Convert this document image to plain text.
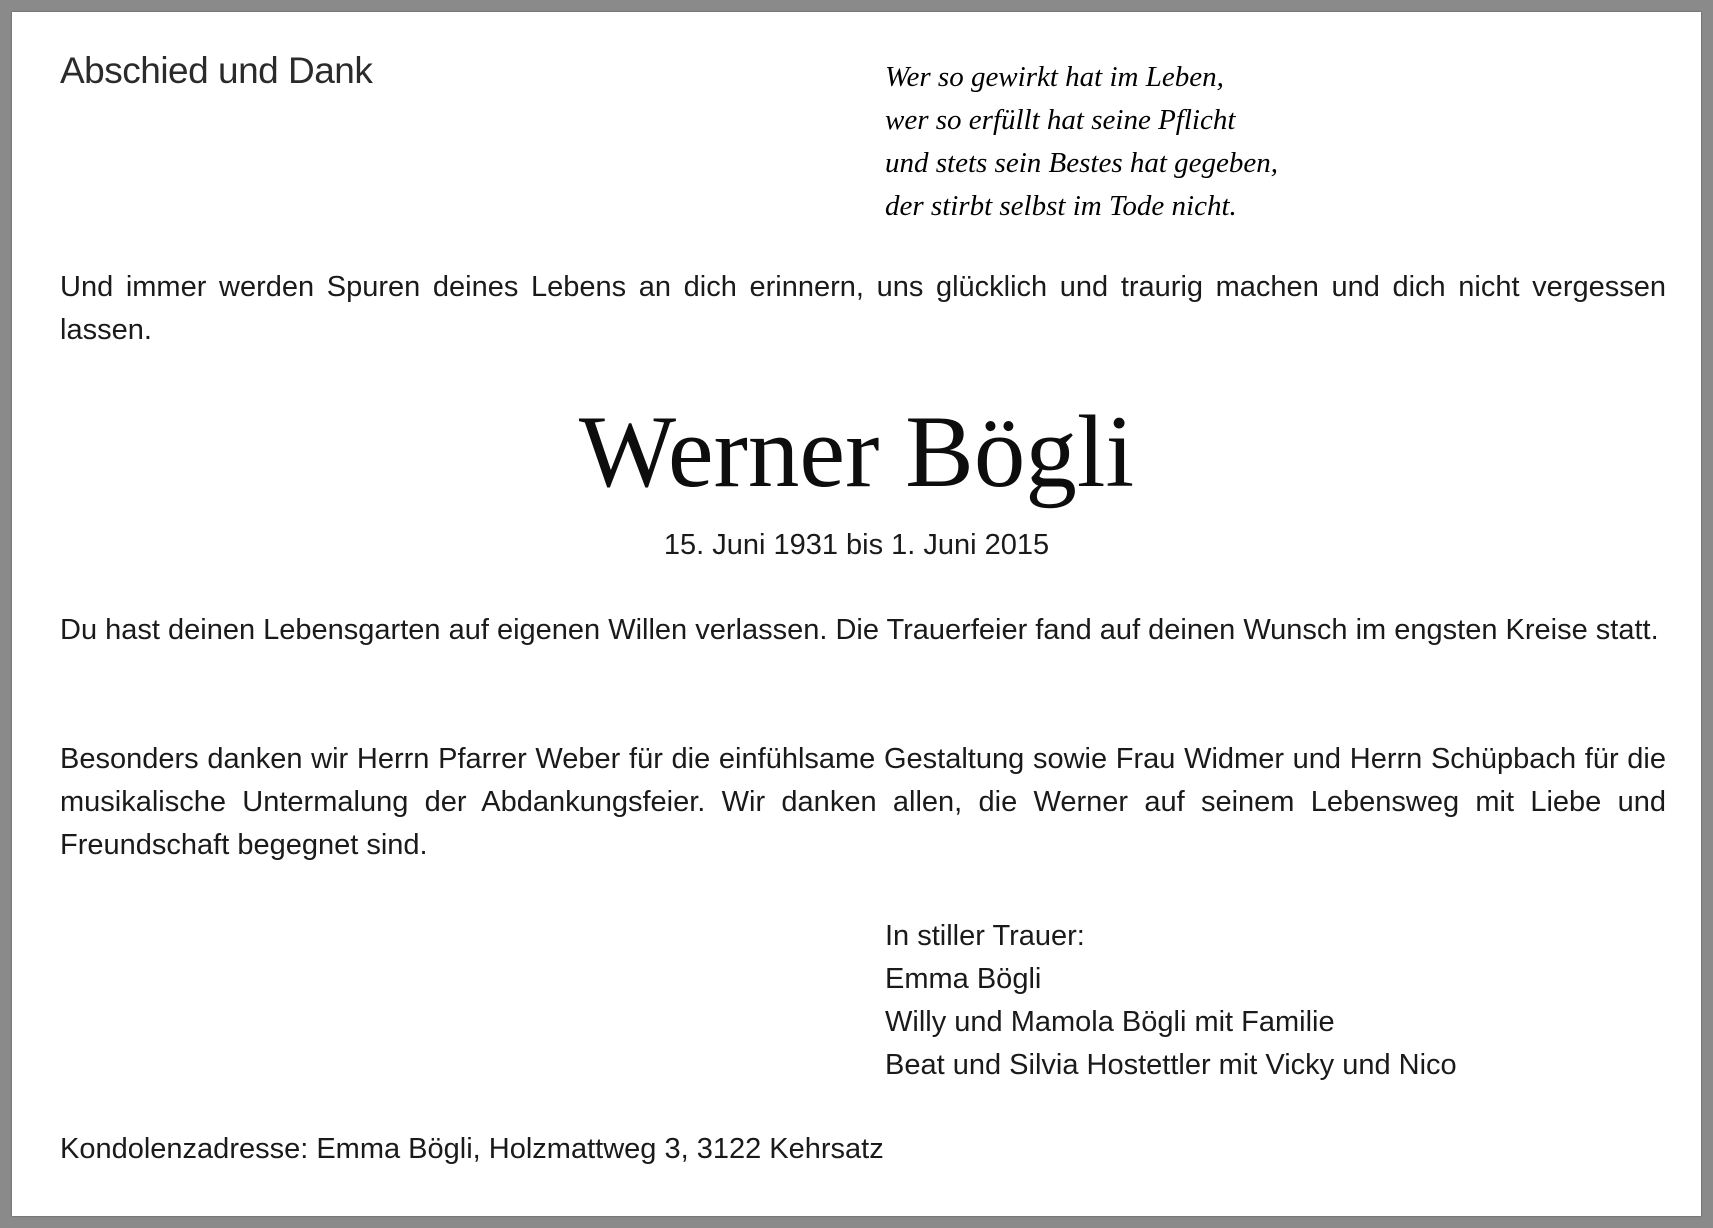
Abschied und Dank	Wer so gewirkt hat im Leben,
wer so erfüllt hat seine Pflicht
und stets sein Bestes hat gegeben,
der stirbt selbst im Tode nicht.
Und immer werden Spuren deines Lebens an dich erinnern, uns glücklich und traurig machen und dich nicht vergessen lassen.
Werner Bögli
15. Juni 1931 bis 1. Juni 2015
Du hast deinen Lebensgarten auf eigenen Willen verlassen. Die Trauerfeier fand auf deinen Wunsch im engsten Kreise statt.
Besonders danken wir Herrn Pfarrer Weber für die einfühlsame Gestaltung sowie Frau Widmer und Herrn Schüpbach für die musikalische Untermalung der Abdankungsfeier. Wir danken allen, die Werner auf seinem Lebensweg mit Liebe und Freundschaft begegnet sind.
In stiller Trauer:
Emma Bögli
Willy und Mamola Bögli mit Familie
Beat und Silvia Hostettler mit Vicky und Nico
Kondolenzadresse: Emma Bögli, Holzmattweg 3, 3122 Kehrsatz
